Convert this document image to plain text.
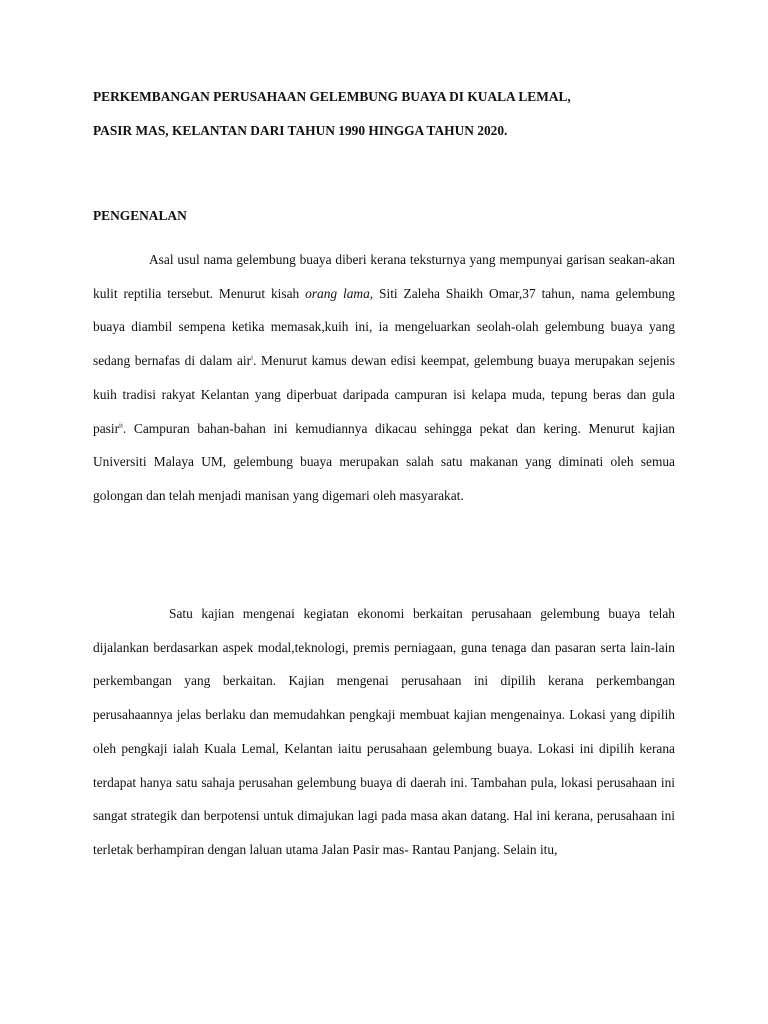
PERKEMBANGAN PERUSAHAAN GELEMBUNG BUAYA DI KUALA LEMAL,
PASIR MAS, KELANTAN DARI TAHUN 1990 HINGGA TAHUN 2020.
PENGENALAN

Asal usul nama gelembung buaya diberi kerana teksturnya yang mempunyai garisan seakan-akan kulit reptilia tersebut. Menurut kisah orang lama, Siti Zaleha Shaikh Omar,37 tahun, nama gelembung buaya diambil sempena ketika memasak,kuih ini, ia mengeluarkan seolah-olah gelembung buaya yang sedang bernafas di dalam air$^i$. Menurut kamus dewan edisi keempat, gelembung buaya merupakan sejenis kuih tradisi rakyat Kelantan yang diperbuat daripada campuran isi kelapa muda, tepung beras dan gula pasir$^{ii}$. Campuran bahan-bahan ini kemudiannya dikacau sehingga pekat dan kering. Menurut kajian Universiti Malaya UM, gelembung buaya merupakan salah satu makanan yang diminati oleh semua golongan dan telah menjadi manisan yang digemari oleh masyarakat.

Satu kajian mengenai kegiatan ekonomi berkaitan perusahaan gelembung buaya telah dijalankan berdasarkan aspek modal,teknologi, premis perniagaan, guna tenaga dan pasaran serta lain-lain perkembangan yang berkaitan. Kajian mengenai perusahaan ini dipilih kerana perkembangan perusahaannya jelas berlaku dan memudahkan pengkaji membuat kajian mengenainya. Lokasi yang dipilih oleh pengkaji ialah Kuala Lemal, Kelantan iaitu perusahaan gelembung buaya. Lokasi ini dipilih kerana terdapat hanya satu sahaja perusahan gelembung buaya di daerah ini. Tambahan pula, lokasi perusahaan ini sangat strategik dan berpotensi untuk dimajukan lagi pada masa akan datang. Hal ini kerana, perusahaan ini terletak berhampiran dengan laluan utama Jalan Pasir mas- Rantau Panjang. Selain itu,
